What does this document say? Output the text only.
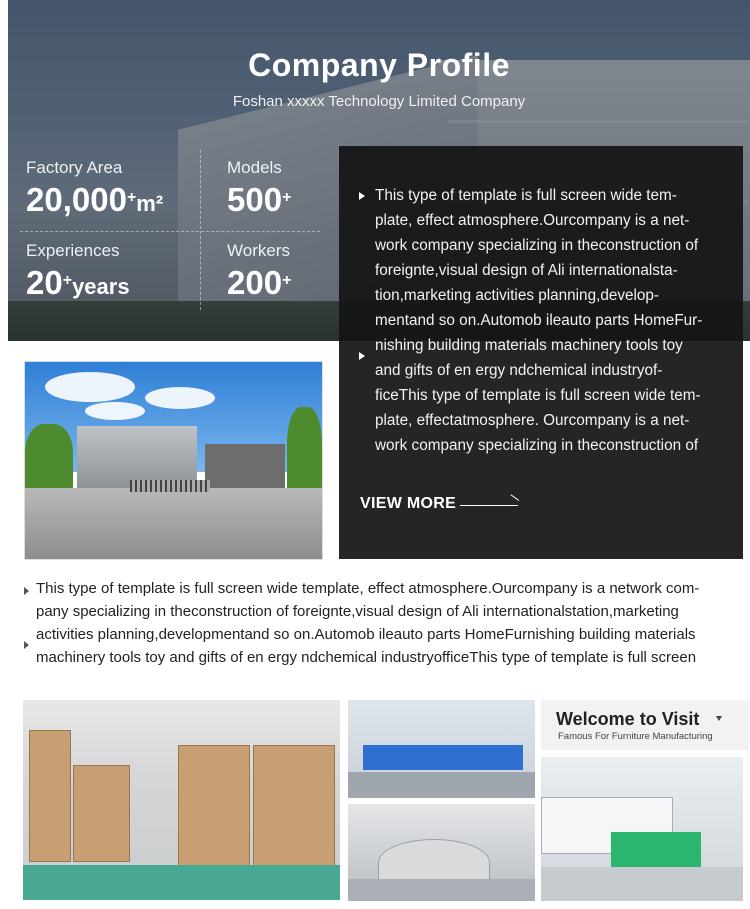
Company Profile
Foshan xxxxx Technology Limited Company
Factory Area
20,000+m²
Models
500+
Experiences
20+years
Workers
200+
This type of template is full screen wide tem-
plate, effect atmosphere.Ourcompany is a net-
work company specializing in theconstruction of
foreignte,visual design of Ali internationalsta-
tion,marketing activities planning,develop-
mentand so on.Automob ileauto parts HomeFur-
nishing building materials machinery tools toy
and gifts of en ergy ndchemical industryof-
ficeThis type of template is full screen wide tem-
plate, effectatmosphere. Ourcompany is a net-
work company specializing in theconstruction of
VIEW MORE
This type of template is full screen wide template, effect atmosphere.Ourcompany is a network com-
pany specializing in theconstruction of foreignte,visual design of Ali internationalstation,marketing
activities planning,developmentand so on.Automob ileauto parts HomeFurnishing building materials
machinery tools toy and gifts of en ergy ndchemical industryofficeThis type of template is full screen
Welcome to Visit
Famous For Furniture Manufacturing
